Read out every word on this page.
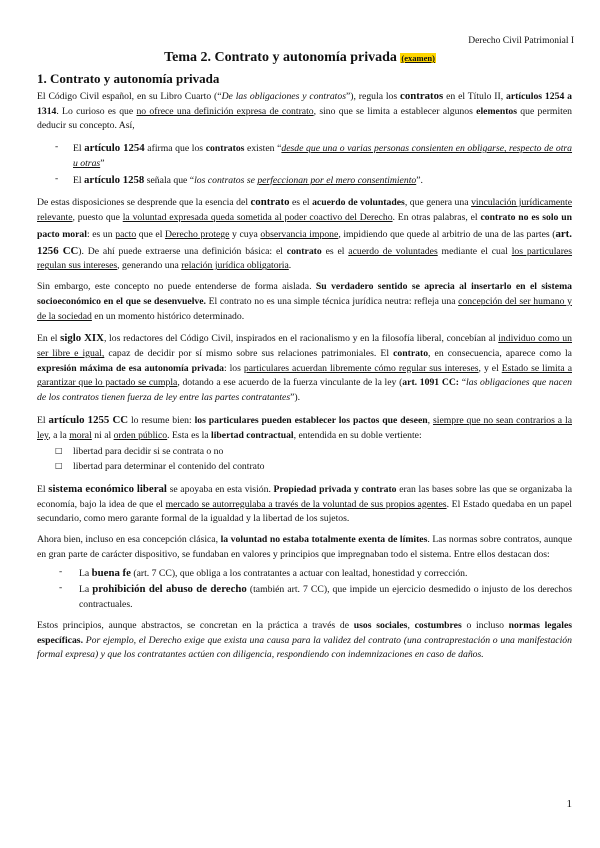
Derecho Civil Patrimonial I
Tema 2. Contrato y autonomía privada (examen)
1. Contrato y autonomía privada

El Código Civil español, en su Libro Cuarto (“De las obligaciones y contratos”), regula los contratos en el Título II, artículos 1254 a 1314. Lo curioso es que no ofrece una definición expresa de contrato, sino que se limita a establecer algunos elementos que permiten deducir su concepto. Así,

- El artículo 1254 afirma que los contratos existen “desde que una o varias personas consienten en obligarse, respecto de otra u otras”
- El artículo 1258 señala que “los contratos se perfeccionan por el mero consentimiento”.

De estas disposiciones se desprende que la esencia del contrato es el acuerdo de voluntades, que genera una vinculación jurídicamente relevante, puesto que la voluntad expresada queda sometida al poder coactivo del Derecho. En otras palabras, el contrato no es solo un pacto moral: es un pacto que el Derecho protege y cuya observancia impone, impidiendo que quede al arbitrio de una de las partes (art. 1256 CC). De ahí puede extraerse una definición básica: el contrato es el acuerdo de voluntades mediante el cual los particulares regulan sus intereses, generando una relación jurídica obligatoria.

Sin embargo, este concepto no puede entenderse de forma aislada. Su verdadero sentido se aprecia al insertarlo en el sistema socioeconómico en el que se desenvuelve. El contrato no es una simple técnica jurídica neutra: refleja una concepción del ser humano y de la sociedad en un momento histórico determinado.

En el siglo XIX, los redactores del Código Civil, inspirados en el racionalismo y en la filosofía liberal, concebían al individuo como un ser libre e igual, capaz de decidir por sí mismo sobre sus relaciones patrimoniales. El contrato, en consecuencia, aparece como la expresión máxima de esa autonomía privada: los particulares acuerdan libremente cómo regular sus intereses, y el Estado se limita a garantizar que lo pactado se cumpla, dotando a ese acuerdo de la fuerza vinculante de la ley (art. 1091 CC: “las obligaciones que nacen de los contratos tienen fuerza de ley entre las partes contratantes”).

El artículo 1255 CC lo resume bien: los particulares pueden establecer los pactos que deseen, siempre que no sean contrarios a la ley, a la moral ni al orden público. Esta es la libertad contractual, entendida en su doble vertiente:

□ libertad para decidir si se contrata o no
□ libertad para determinar el contenido del contrato

El sistema económico liberal se apoyaba en esta visión. Propiedad privada y contrato eran las bases sobre las que se organizaba la economía, bajo la idea de que el mercado se autorregulaba a través de la voluntad de sus propios agentes. El Estado quedaba en un papel secundario, como mero garante formal de la igualdad y la libertad de los sujetos.

Ahora bien, incluso en esa concepción clásica, la voluntad no estaba totalmente exenta de límites. Las normas sobre contratos, aunque en gran parte de carácter dispositivo, se fundaban en valores y principios que impregnaban todo el sistema. Entre ellos destacan dos:

- La buena fe (art. 7 CC), que obliga a los contratantes a actuar con lealtad, honestidad y corrección.
- La prohibición del abuso de derecho (también art. 7 CC), que impide un ejercicio desmedido o injusto de los derechos contractuales.

Estos principios, aunque abstractos, se concretan en la práctica a través de usos sociales, costumbres o incluso normas legales específicas. Por ejemplo, el Derecho exige que exista una causa para la validez del contrato (una contraprestación o una manifestación formal expresa) y que los contratantes actúen con diligencia, respondiendo con indemnizaciones en caso de daños.

1
